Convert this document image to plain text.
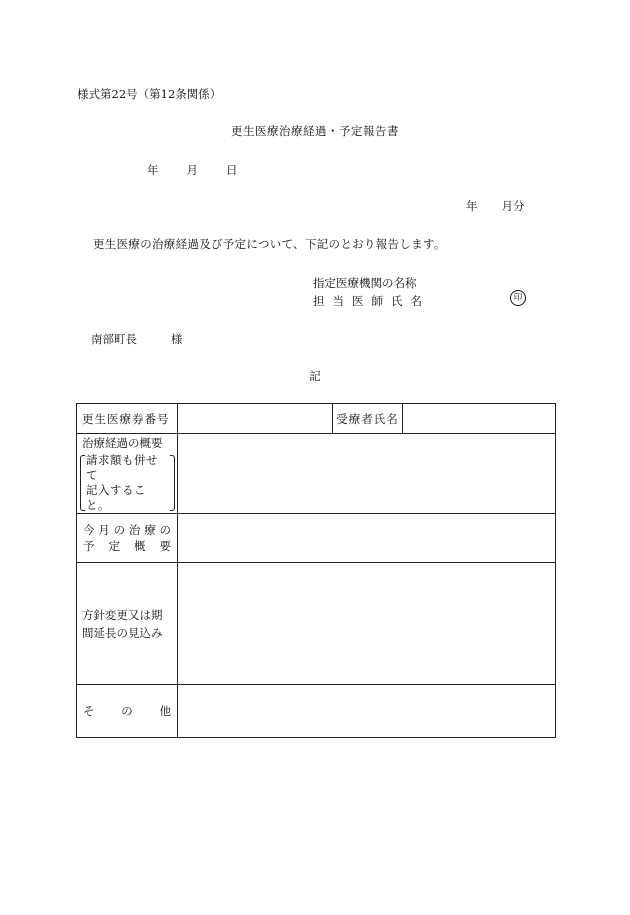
様式第22号（第12条関係）
更生医療治療経過・予定報告書
年 月 日
年 月分
更生医療の治療経過及び予定について、下記のとおり報告します。
指定医療機関の名称
担当医師氏名	印
南部町長	様
記
更生医療券番号		受療者氏名	

治療経過の概要
請求額も併せて
記入すること。			

今月の治療の
予定概要			

方針変更又は期
間延長の見込み			

そ の 他			
